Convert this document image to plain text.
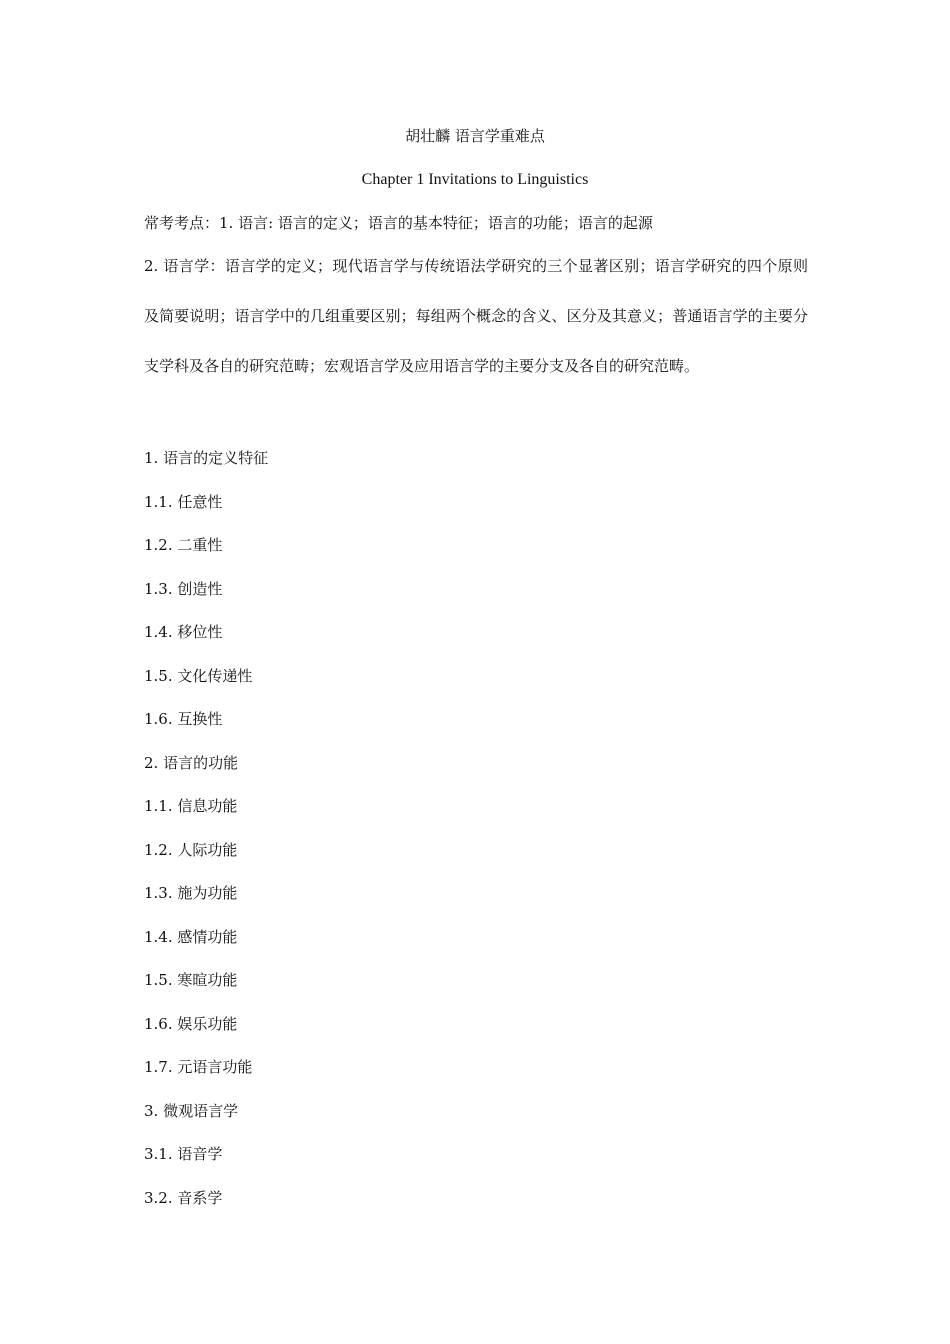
胡壮麟 语言学重难点
Chapter 1 Invitations to Linguistics
常考考点：1. 语言: 语言的定义；语言的基本特征；语言的功能；语言的起源
2. 语言学：语言学的定义；现代语言学与传统语法学研究的三个显著区别；语言学研究的四个原则及简要说明；语言学中的几组重要区别；每组两个概念的含义、区分及其意义；普通语言学的主要分支学科及各自的研究范畴；宏观语言学及应用语言学的主要分支及各自的研究范畴。
1. 语言的定义特征
1.1. 任意性
1.2. 二重性
1.3. 创造性
1.4. 移位性
1.5. 文化传递性
1.6. 互换性
2. 语言的功能
1.1. 信息功能
1.2. 人际功能
1.3. 施为功能
1.4. 感情功能
1.5. 寒暄功能
1.6. 娱乐功能
1.7. 元语言功能
3. 微观语言学
3.1. 语音学
3.2. 音系学
